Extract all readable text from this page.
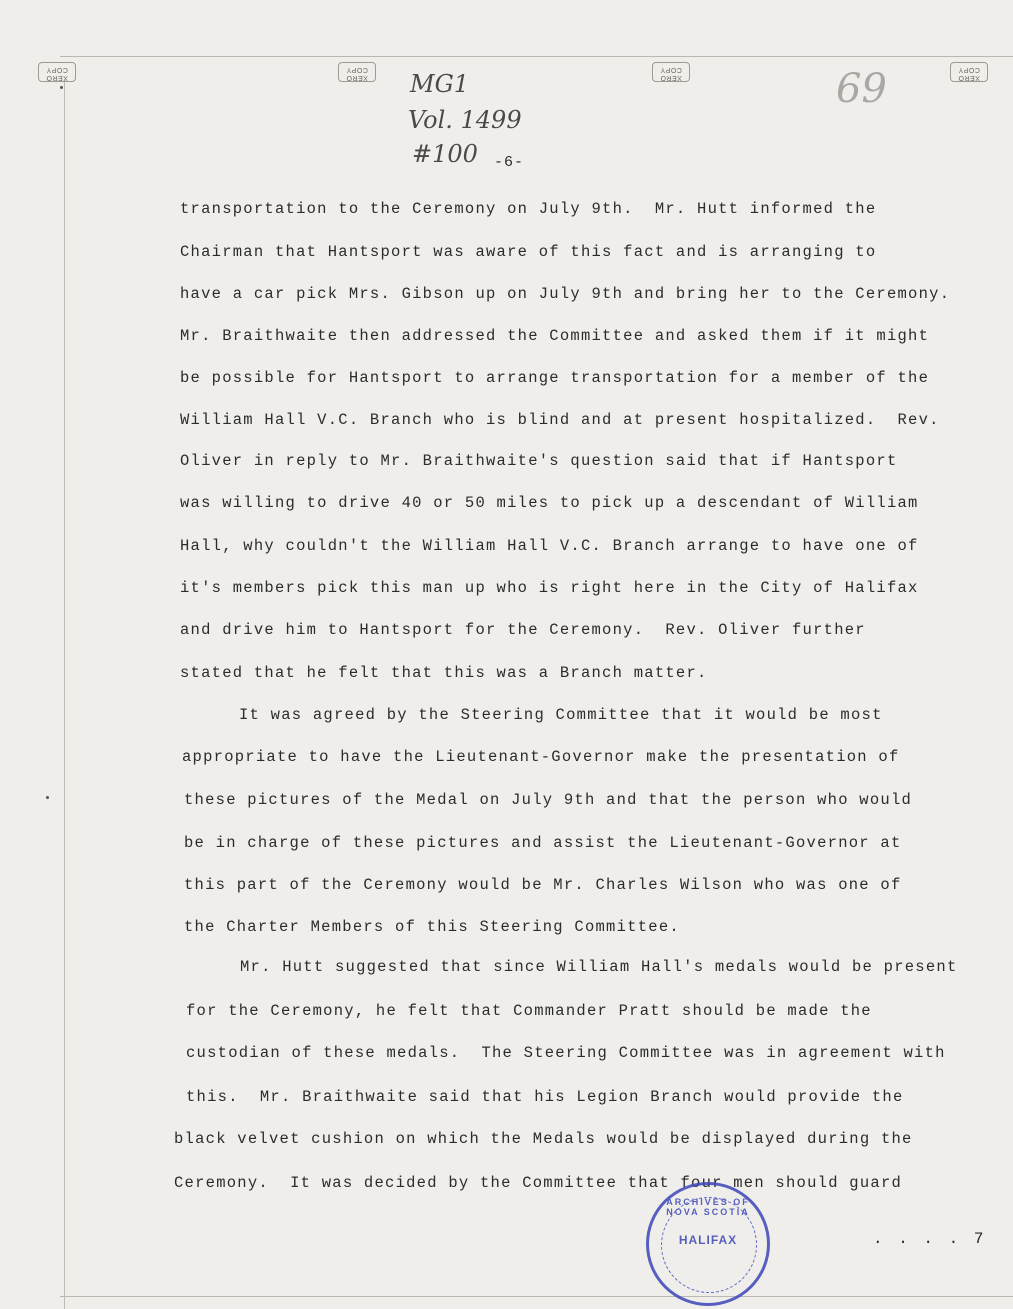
XERO COPY
XERO COPY
XERO COPY
XERO COPY
MG1
Vol. 1499
#100
69
-6-
transportation to the Ceremony on July 9th.  Mr. Hutt informed the
Chairman that Hantsport was aware of this fact and is arranging to
have a car pick Mrs. Gibson up on July 9th and bring her to the Ceremony.
Mr. Braithwaite then addressed the Committee and asked them if it might
be possible for Hantsport to arrange transportation for a member of the
William Hall V.C. Branch who is blind and at present hospitalized.  Rev.
Oliver in reply to Mr. Braithwaite's question said that if Hantsport
was willing to drive 40 or 50 miles to pick up a descendant of William
Hall, why couldn't the William Hall V.C. Branch arrange to have one of
it's members pick this man up who is right here in the City of Halifax
and drive him to Hantsport for the Ceremony.  Rev. Oliver further
stated that he felt that this was a Branch matter.
It was agreed by the Steering Committee that it would be most
appropriate to have the Lieutenant-Governor make the presentation of
these pictures of the Medal on July 9th and that the person who would
be in charge of these pictures and assist the Lieutenant-Governor at
this part of the Ceremony would be Mr. Charles Wilson who was one of
the Charter Members of this Steering Committee.
Mr. Hutt suggested that since William Hall's medals would be present
for the Ceremony, he felt that Commander Pratt should be made the
custodian of these medals.  The Steering Committee was in agreement with
this.  Mr. Braithwaite said that his Legion Branch would provide the
black velvet cushion on which the Medals would be displayed during the
Ceremony.  It was decided by the Committee that four men should guard
. . . . 7
ARCHIVES OF NOVA SCOTIA
HALIFAX
